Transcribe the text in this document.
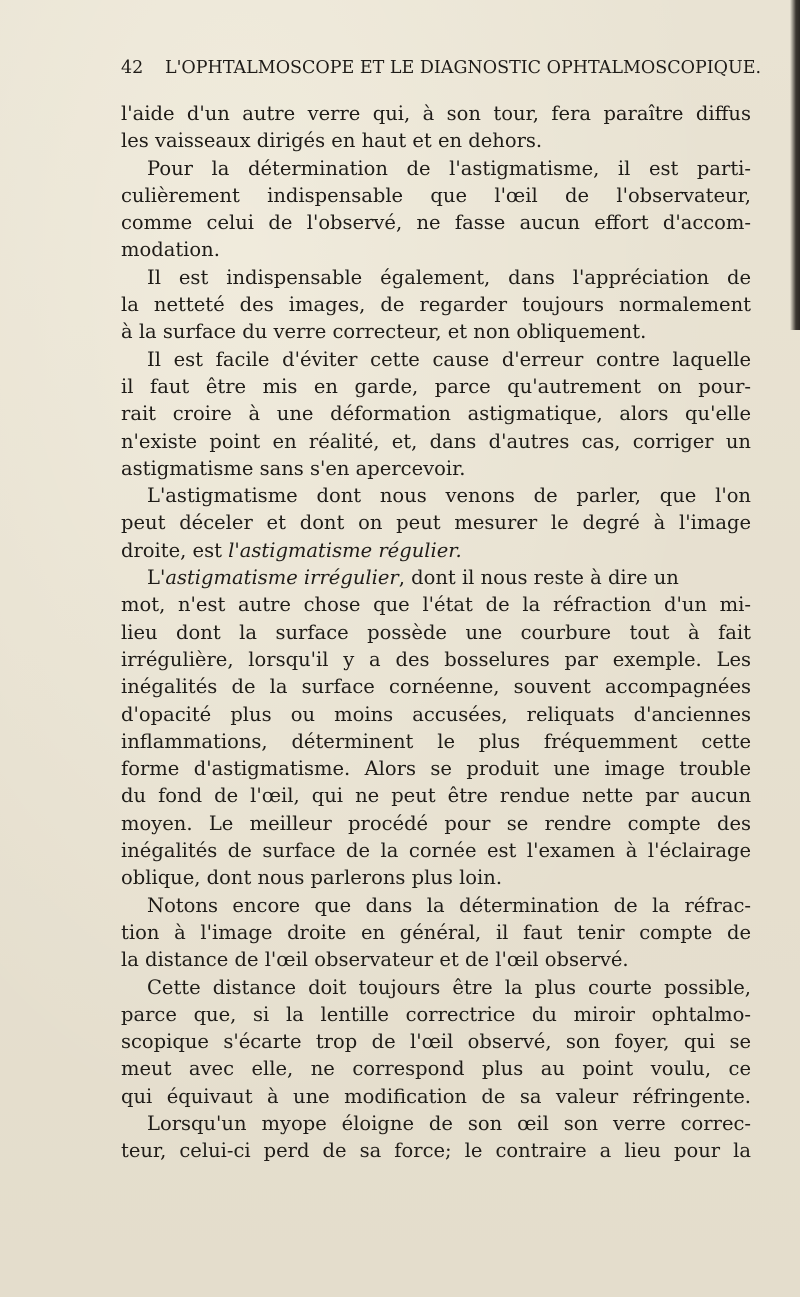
42 L'OPHTALMOSCOPE ET LE DIAGNOSTIC OPHTALMOSCOPIQUE.
l'aide d'un autre verre qui, à son tour, fera paraître diffus
les vaisseaux dirigés en haut et en dehors.
Pour la détermination de l'astigmatisme, il est parti-
culièrement indispensable que l'œil de l'observateur,
comme celui de l'observé, ne fasse aucun effort d'accom-
modation.
Il est indispensable également, dans l'appréciation de
la netteté des images, de regarder toujours normalement
à la surface du verre correcteur, et non obliquement.
Il est facile d'éviter cette cause d'erreur contre laquelle
il faut être mis en garde, parce qu'autrement on pour-
rait croire à une déformation astigmatique, alors qu'elle
n'existe point en réalité, et, dans d'autres cas, corriger un
astigmatisme sans s'en apercevoir.
L'astigmatisme dont nous venons de parler, que l'on
peut déceler et dont on peut mesurer le degré à l'image
droite, est l'astigmatisme régulier.
L'astigmatisme irrégulier, dont il nous reste à dire un
mot, n'est autre chose que l'état de la réfraction d'un mi-
lieu dont la surface possède une courbure tout à fait
irrégulière, lorsqu'il y a des bosselures par exemple. Les
inégalités de la surface cornéenne, souvent accompagnées
d'opacité plus ou moins accusées, reliquats d'anciennes
inflammations, déterminent le plus fréquemment cette
forme d'astigmatisme. Alors se produit une image trouble
du fond de l'œil, qui ne peut être rendue nette par aucun
moyen. Le meilleur procédé pour se rendre compte des
inégalités de surface de la cornée est l'examen à l'éclairage
oblique, dont nous parlerons plus loin.
Notons encore que dans la détermination de la réfrac-
tion à l'image droite en général, il faut tenir compte de
la distance de l'œil observateur et de l'œil observé.
Cette distance doit toujours être la plus courte possible,
parce que, si la lentille correctrice du miroir ophtalmo-
scopique s'écarte trop de l'œil observé, son foyer, qui se
meut avec elle, ne correspond plus au point voulu, ce
qui équivaut à une modification de sa valeur réfringente.
Lorsqu'un myope éloigne de son œil son verre correc-
teur, celui-ci perd de sa force; le contraire a lieu pour la
